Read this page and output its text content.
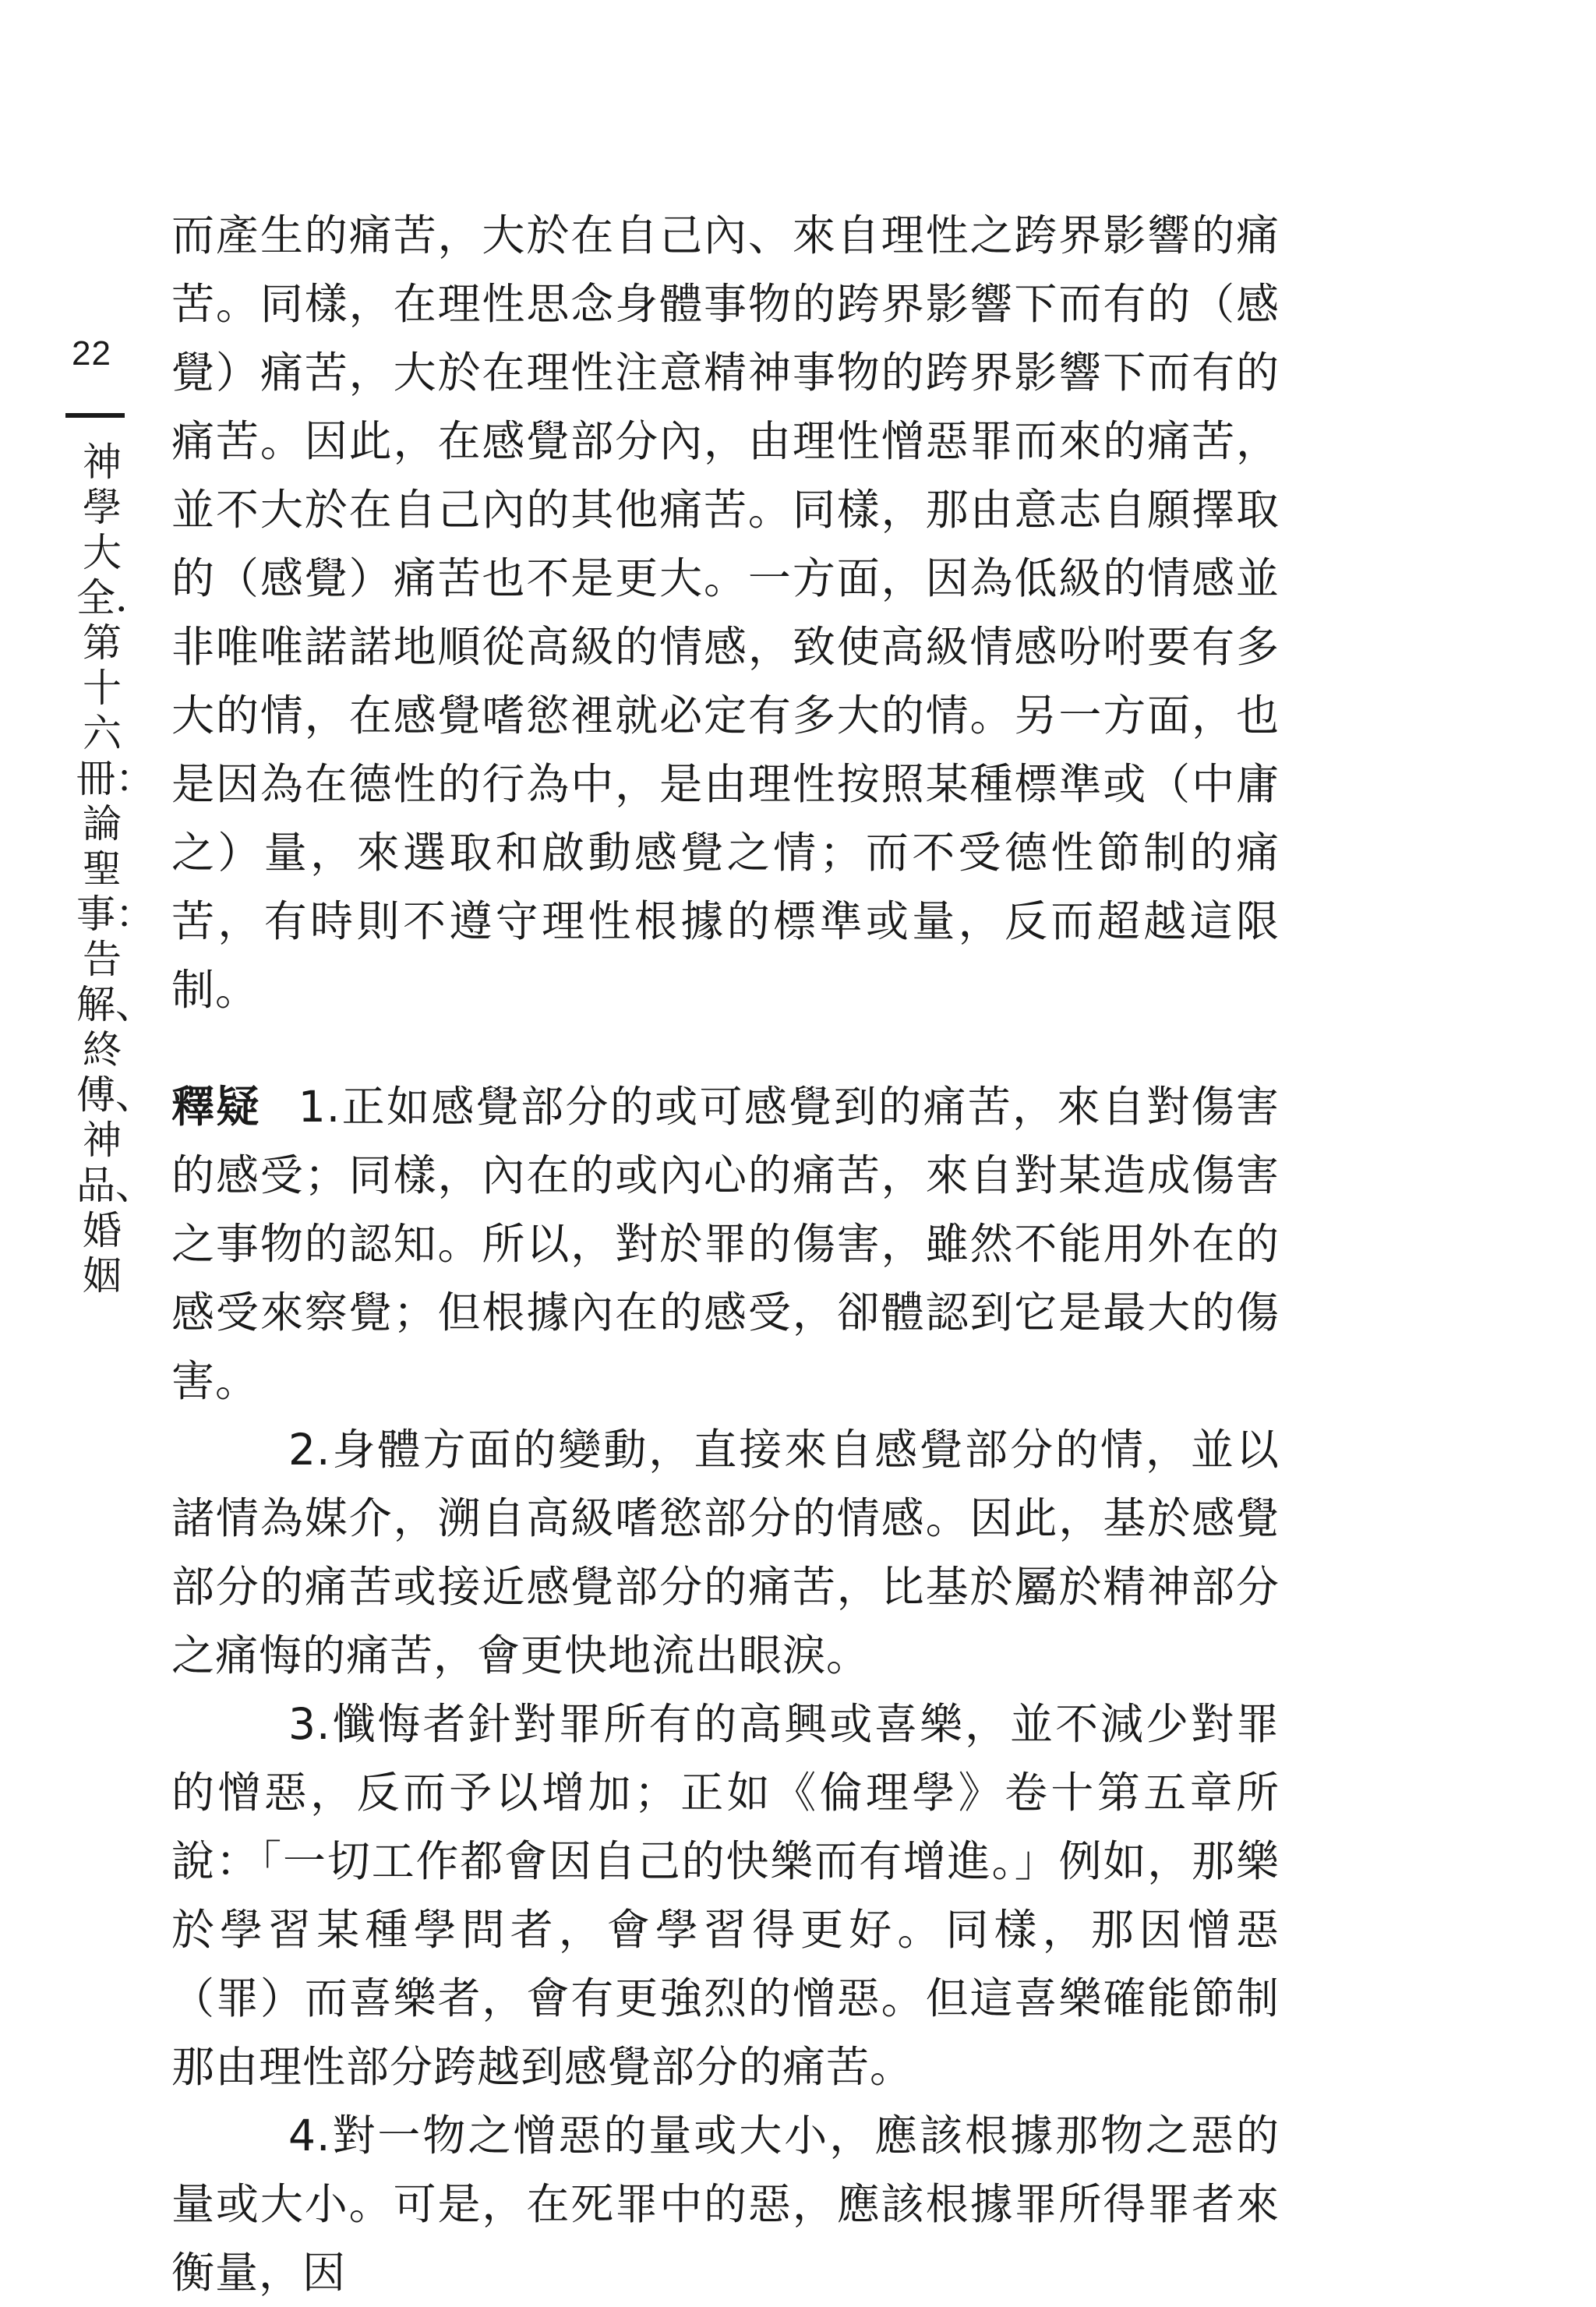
22
神學大全．第十六冊：論聖事：告解、終傅、神品、婚姻

而產生的痛苦，大於在自己內、來自理性之跨界影響的痛苦。同樣，在理性思念身體事物的跨界影響下而有的（感覺）痛苦，大於在理性注意精神事物的跨界影響下而有的痛苦。因此，在感覺部分內，由理性憎惡罪而來的痛苦，並不大於在自己內的其他痛苦。同樣，那由意志自願擇取的（感覺）痛苦也不是更大。一方面，因為低級的情感並非唯唯諾諾地順從高級的情感，致使高級情感吩咐要有多大的情，在感覺嗜慾裡就必定有多大的情。另一方面，也是因為在德性的行為中，是由理性按照某種標準或（中庸之）量，來選取和啟動感覺之情；而不受德性節制的痛苦，有時則不遵守理性根據的標準或量，反而超越這限制。

釋疑 1.正如感覺部分的或可感覺到的痛苦，來自對傷害的感受；同樣，內在的或內心的痛苦，來自對某造成傷害之事物的認知。所以，對於罪的傷害，雖然不能用外在的感受來察覺；但根據內在的感受，卻體認到它是最大的傷害。

2.身體方面的變動，直接來自感覺部分的情，並以諸情為媒介，溯自高級嗜慾部分的情感。因此，基於感覺部分的痛苦或接近感覺部分的痛苦，比基於屬於精神部分之痛悔的痛苦，會更快地流出眼淚。

3.懺悔者針對罪所有的高興或喜樂，並不減少對罪的憎惡，反而予以增加；正如《倫理學》卷十第五章所說：「一切工作都會因自己的快樂而有增進。」例如，那樂於學習某種學問者，會學習得更好。同樣，那因憎惡（罪）而喜樂者，會有更強烈的憎惡。但這喜樂確能節制那由理性部分跨越到感覺部分的痛苦。

4.對一物之憎惡的量或大小，應該根據那物之惡的量或大小。可是，在死罪中的惡，應該根據罪所得罪者來衡量，因
